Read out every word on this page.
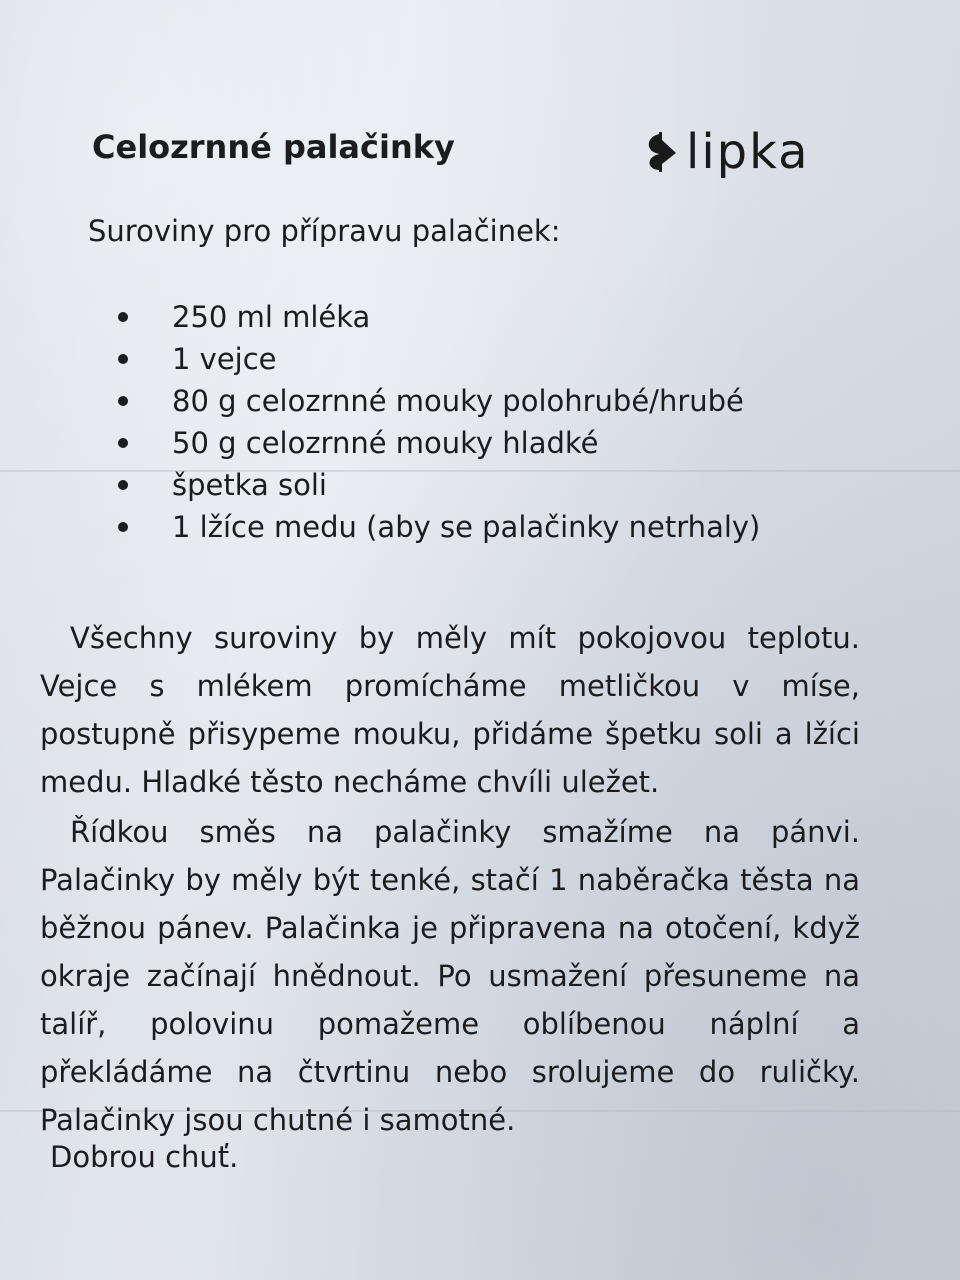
Celozrnné palačinky	lipka
Suroviny pro přípravu palačinek:
250 ml mléka
1 vejce
80 g celozrnné mouky polohrubé/hrubé
50 g celozrnné mouky hladké
špetka soli
1 lžíce medu (aby se palačinky netrhaly)

Všechny suroviny by měly mít pokojovou teplotu. Vejce s mlékem promícháme metličkou v míse, postupně přisypeme mouku, přidáme špetku soli a lžíci medu. Hladké těsto necháme chvíli uležet.

Řídkou směs na palačinky smažíme na pánvi. Palačinky by měly být tenké, stačí 1 naběračka těsta na běžnou pánev. Palačinka je připravena na otočení, když okraje začínají hnědnout. Po usmažení přesuneme na talíř, polovinu pomažeme oblíbenou náplní a překládáme na čtvrtinu nebo srolujeme do ruličky. Palačinky jsou chutné i samotné.

Dobrou chuť.
